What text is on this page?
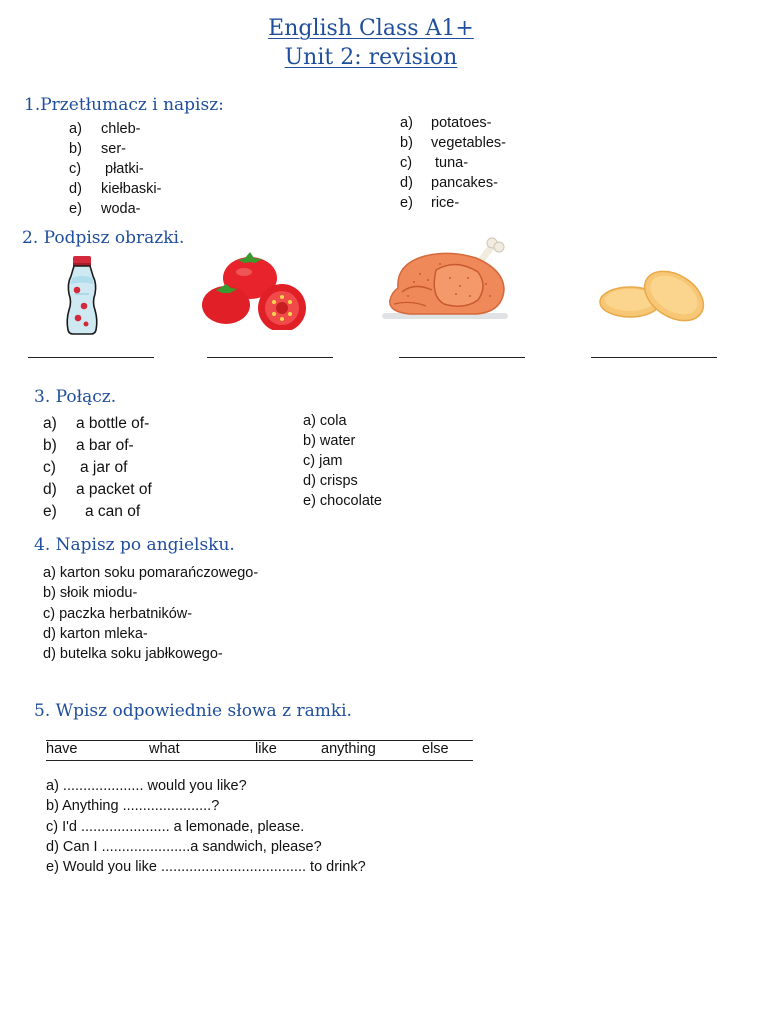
English Class A1+
Unit 2: revision
1.Przetłumacz i napisz:
a) chleb-
b) ser-
c) płatki-
d) kiełbaski-
e) woda-
a) potatoes-
b) vegetables-
c) tuna-
d) pancakes-
e) rice-
2. Podpisz obrazki.
3. Połącz.
a) a bottle of-
b) a bar of-
c) a jar of
d) a packet of
e) a can of
a) cola
b) water
c) jam
d) crisps
e) chocolate
4. Napisz po angielsku.
a) karton soku pomarańczowego-
b) słoik miodu-
c) paczka herbatników-
d) karton mleka-
d) butelka soku jabłkowego-
5. Wpisz odpowiednie słowa z ramki.
have	what	like	anything	else
a) .................... would you like?
b) Anything ......................?
c) I'd ...................... a lemonade, please.
d) Can I ......................a sandwich, please?
e) Would you like .................................... to drink?
